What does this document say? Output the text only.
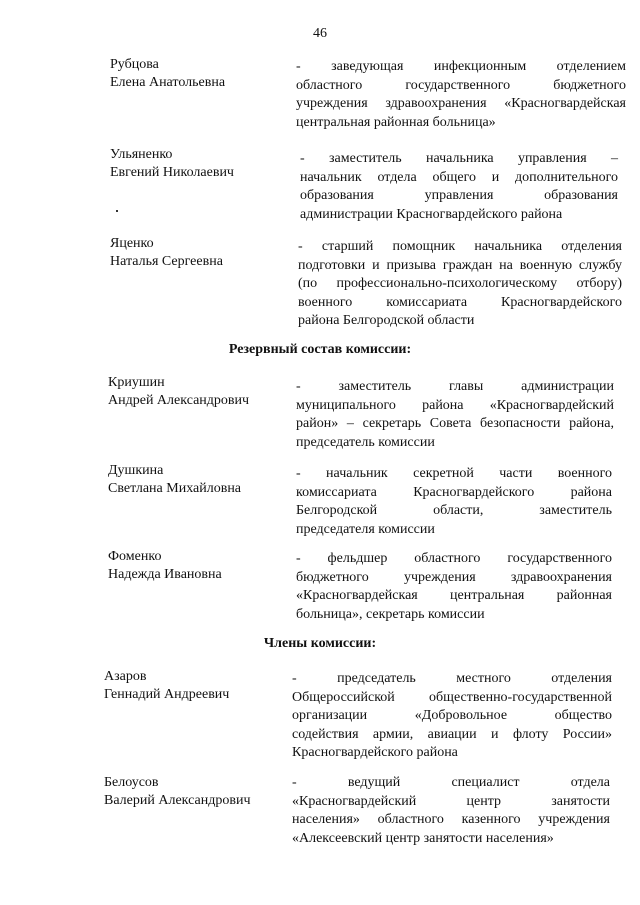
46
Рубцова
Елена Анатольевна
- заведующая инфекционным отделением
областного государственного бюджетного
учреждения здравоохранения «Красногвардейская
центральная районная больница»
Ульяненко
Евгений Николаевич
- заместитель начальника управления –
начальник отдела общего и дополнительного
образования управления образования
администрации Красногвардейского района
Яценко
Наталья Сергеевна
- старший помощник начальника отделения
подготовки и призыва граждан на военную службу
(по профессионально-психологическому отбору)
военного комиссариата Красногвардейского
района Белгородской области
Резервный состав комиссии:
Криушин
Андрей Александрович
- заместитель главы администрации
муниципального района «Красногвардейский
район» – секретарь Совета безопасности района,
председатель комиссии
Душкина
Светлана Михайловна
- начальник секретной части военного
комиссариата Красногвардейского района
Белгородской области, заместитель
председателя комиссии
Фоменко
Надежда Ивановна
- фельдшер областного государственного
бюджетного учреждения здравоохранения
«Красногвардейская центральная районная
больница», секретарь комиссии
Члены комиссии:
Азаров
Геннадий Андреевич
- председатель местного отделения
Общероссийской общественно-государственной
организации «Добровольное общество
содействия армии, авиации и флоту России»
Красногвардейского района
Белоусов
Валерий Александрович
- ведущий специалист отдела
«Красногвардейский центр занятости
населения» областного казенного учреждения
«Алексеевский центр занятости населения»
